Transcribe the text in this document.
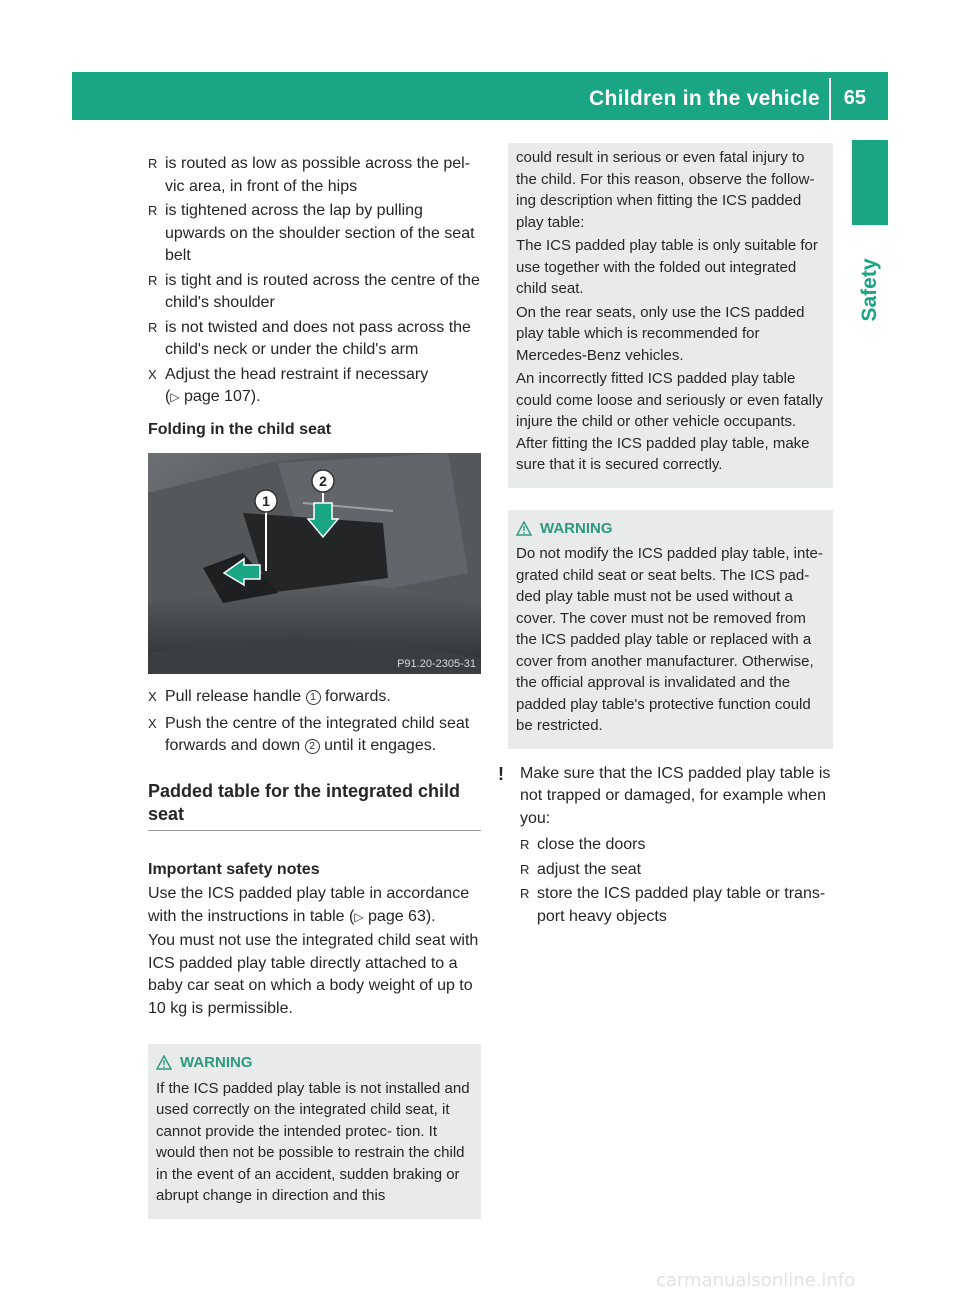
Children in the vehicle 65
Safety
R is routed as low as possible across the pel- vic area, in front of the hips
R is tightened across the lap by pulling upwards on the shoulder section of the seat belt
R is tight and is routed across the centre of the child's shoulder
R is not twisted and does not pass across the child's neck or under the child's arm
X Adjust the head restraint if necessary
(▷ page 107).
Folding in the child seat
1
2
P91.20-2305-31
X Pull release handle 1 forwards.
X Push the centre of the integrated child seat forwards and down 2 until it engages.
Padded table for the integrated child seat
Important safety notes

Use the ICS padded play table in accordance with the instructions in table (▷ page 63).

You must not use the integrated child seat with ICS padded play table directly attached to a baby car seat on which a body weight of up to 10 kg is permissible.

WARNING

If the ICS padded play table is not installed and used correctly on the integrated child seat, it cannot provide the intended protec- tion. It would then not be possible to restrain the child in the event of an accident, sudden braking or abrupt change in direction and this

could result in serious or even fatal injury to the child. For this reason, observe the follow- ing description when fitting the ICS padded play table:

The ICS padded play table is only suitable for use together with the folded out integrated child seat.

On the rear seats, only use the ICS padded play table which is recommended for Mercedes-Benz vehicles.

An incorrectly fitted ICS padded play table could come loose and seriously or even fatally injure the child or other vehicle occupants. After fitting the ICS padded play table, make sure that it is secured correctly.

WARNING

Do not modify the ICS padded play table, inte- grated child seat or seat belts. The ICS pad- ded play table must not be used without a cover. The cover must not be removed from the ICS padded play table or replaced with a cover from another manufacturer. Otherwise, the official approval is invalidated and the padded play table's protective function could be restricted.

! Make sure that the ICS padded play table is not trapped or damaged, for example when you:

R close the doors
R adjust the seat
R store the ICS padded play table or trans- port heavy objects
carmanualsonline.info
